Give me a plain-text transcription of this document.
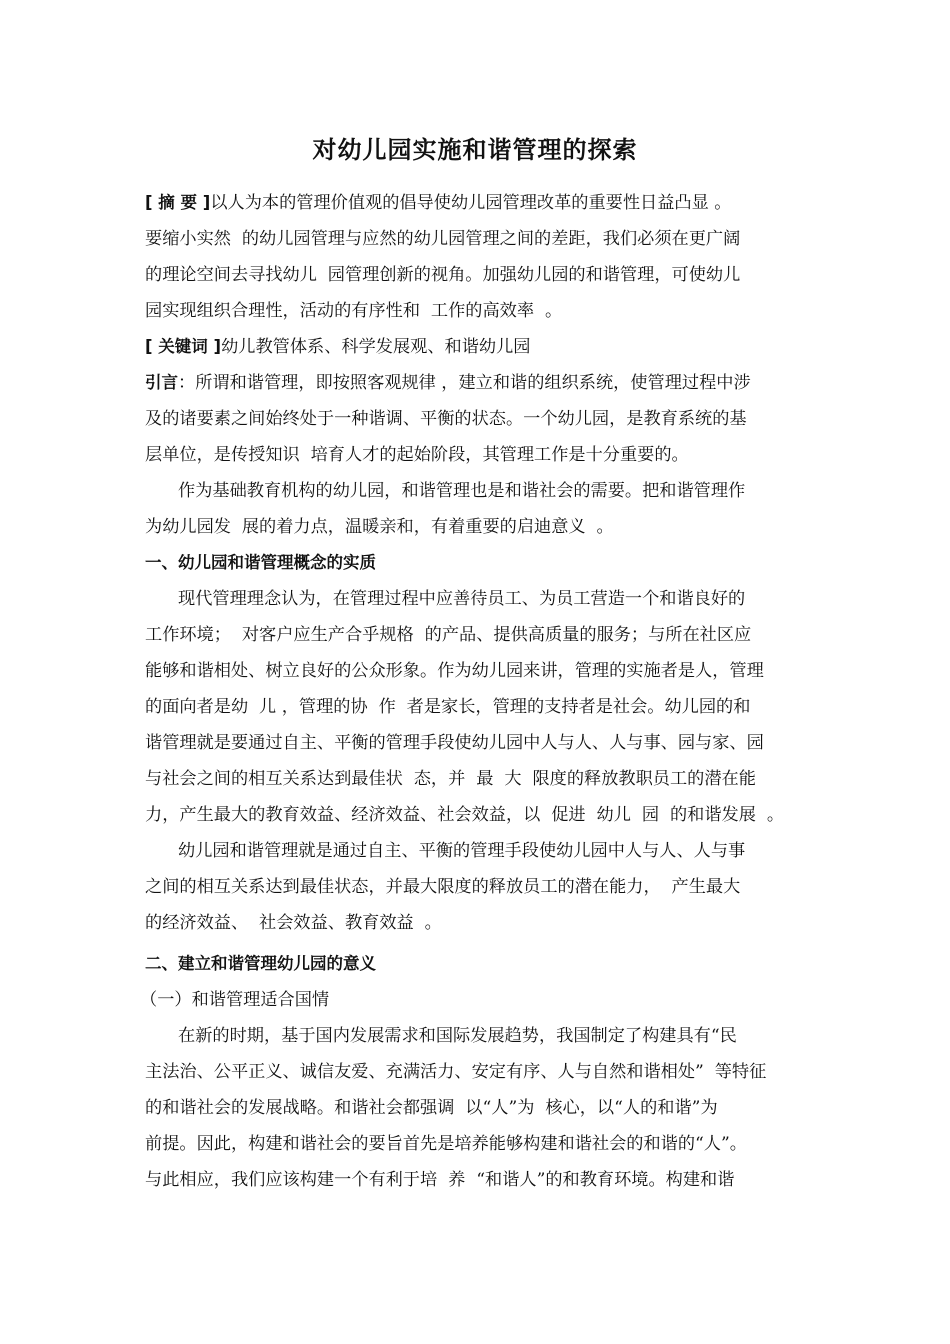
对幼儿园实施和谐管理的探索
[ 摘 要 ]以人为本的管理价值观的倡导使幼儿园管理改革的重要性日益凸显 。
要缩小实然  的幼儿园管理与应然的幼儿园管理之间的差距，我们必须在更广阔
的理论空间去寻找幼儿  园管理创新的视角。加强幼儿园的和谐管理，可使幼儿
园实现组织合理性，活动的有序性和  工作的高效率  。
[ 关键词 ]幼儿教管体系、科学发展观、和谐幼儿园
引言：所谓和谐管理，即按照客观规律 ，建立和谐的组织系统，使管理过程中涉
及的诸要素之间始终处于一种谐调、平衡的状态。一个幼儿园，是教育系统的基
层单位，是传授知识  培育人才的起始阶段，其管理工作是十分重要的。
作为基础教育机构的幼儿园，和谐管理也是和谐社会的需要。把和谐管理作
为幼儿园发  展的着力点，温暖亲和，有着重要的启迪意义  。
一、幼儿园和谐管理概念的实质
现代管理理念认为，在管理过程中应善待员工、为员工营造一个和谐良好的
工作环境；  对客户应生产合乎规格  的产品、提供高质量的服务；与所在社区应
能够和谐相处、树立良好的公众形象。作为幼儿园来讲，管理的实施者是人，管理
的面向者是幼  儿 ，管理的协  作  者是家长，管理的支持者是社会。幼儿园的和
谐管理就是要通过自主、平衡的管理手段使幼儿园中人与人、人与事、园与家、园
与社会之间的相互关系达到最佳状  态，并  最  大  限度的释放教职员工的潜在能
力，产生最大的教育效益、经济效益、社会效益，以  促进  幼儿  园  的和谐发展  。
幼儿园和谐管理就是通过自主、平衡的管理手段使幼儿园中人与人、人与事
之间的相互关系达到最佳状态，并最大限度的释放员工的潜在能力，  产生最大
的经济效益、  社会效益、教育效益  。
二、建立和谐管理幼儿园的意义
（一）和谐管理适合国情
在新的时期，基于国内发展需求和国际发展趋势，我国制定了构建具有“民
主法治、公平正义、诚信友爱、充满活力、安定有序、人与自然和谐相处”  等特征
的和谐社会的发展战略。和谐社会都强调  以“人”为  核心，以“人的和谐”为
前提。因此，构建和谐社会的要旨首先是培养能够构建和谐社会的和谐的“人”。
与此相应，我们应该构建一个有利于培  养  “和谐人”的和教育环境。构建和谐
